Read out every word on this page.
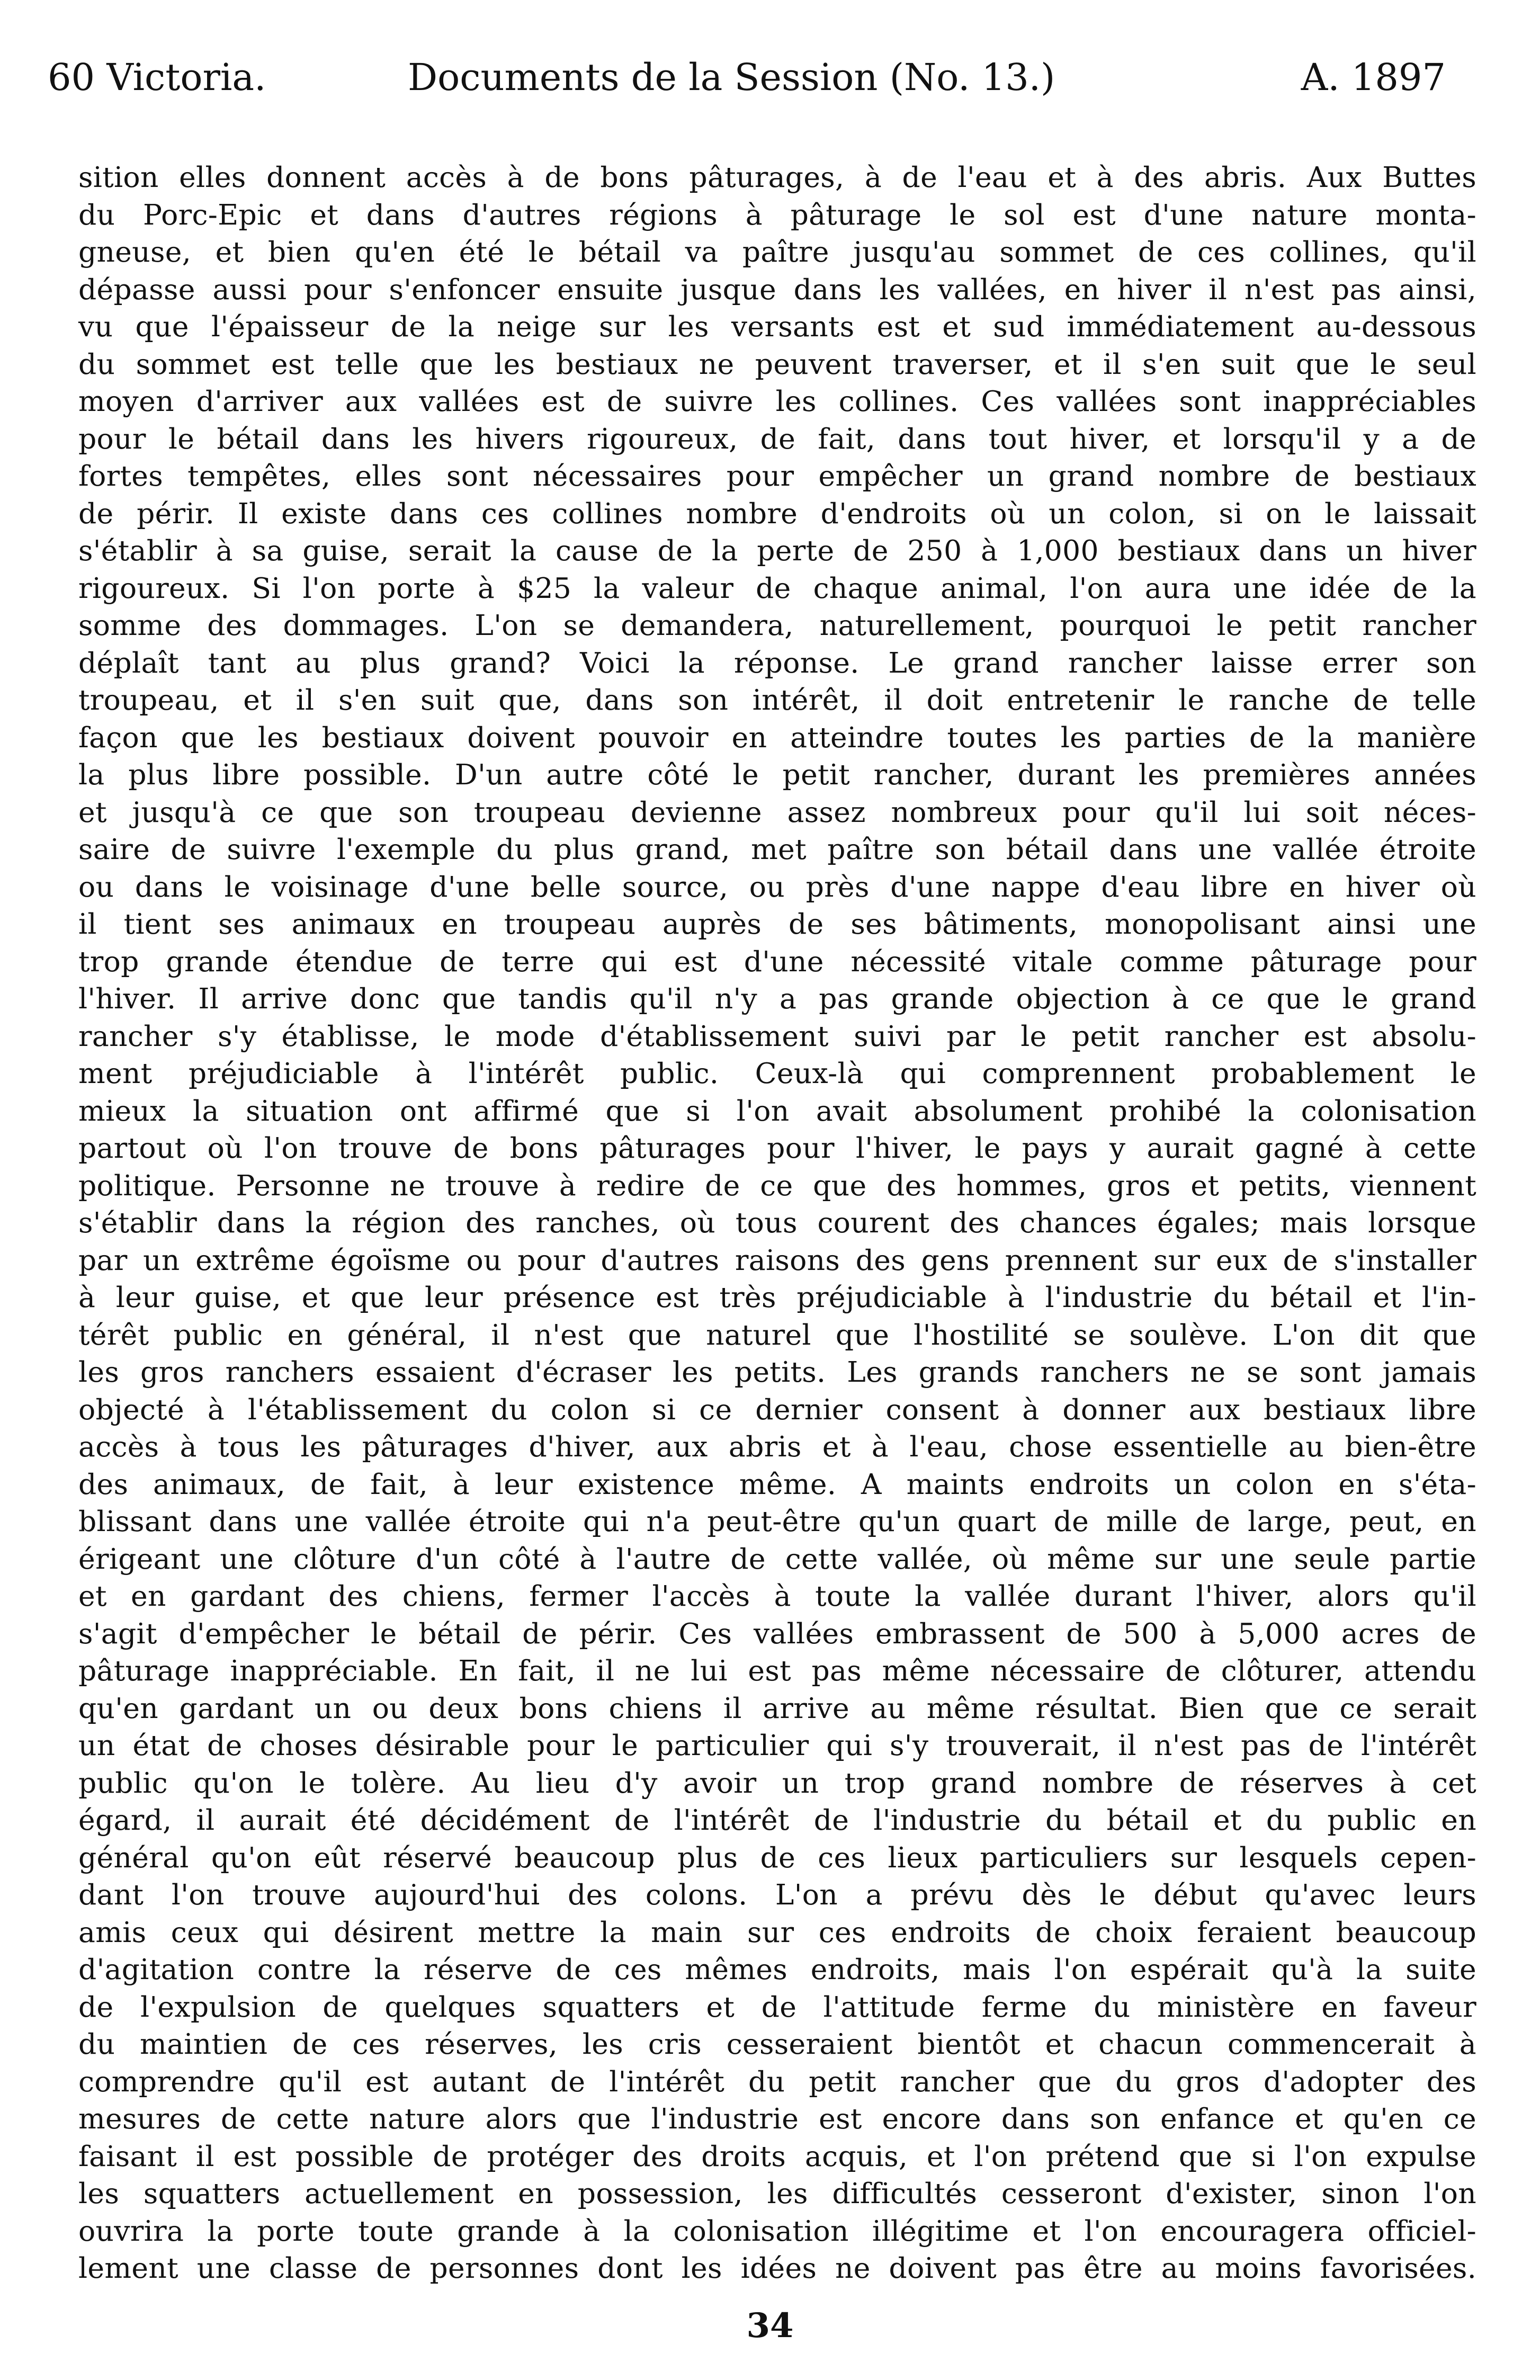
60 Victoria.	Documents de la Session (No. 13.)	A. 1897
sition elles donnent accès à de bons pâturages, à de l'eau et à des abris. Aux Buttes
du Porc-Epic et dans d'autres régions à pâturage le sol est d'une nature monta-
gneuse, et bien qu'en été le bétail va paître jusqu'au sommet de ces collines, qu'il
dépasse aussi pour s'enfoncer ensuite jusque dans les vallées, en hiver il n'est pas ainsi,
vu que l'épaisseur de la neige sur les versants est et sud immédiatement au-dessous
du sommet est telle que les bestiaux ne peuvent traverser, et il s'en suit que le seul
moyen d'arriver aux vallées est de suivre les collines. Ces vallées sont inappréciables
pour le bétail dans les hivers rigoureux, de fait, dans tout hiver, et lorsqu'il y a de
fortes tempêtes, elles sont nécessaires pour empêcher un grand nombre de bestiaux
de périr. Il existe dans ces collines nombre d'endroits où un colon, si on le laissait
s'établir à sa guise, serait la cause de la perte de 250 à 1,000 bestiaux dans un hiver
rigoureux. Si l'on porte à $25 la valeur de chaque animal, l'on aura une idée de la
somme des dommages. L'on se demandera, naturellement, pourquoi le petit rancher
déplaît tant au plus grand? Voici la réponse. Le grand rancher laisse errer son
troupeau, et il s'en suit que, dans son intérêt, il doit entretenir le ranche de telle
façon que les bestiaux doivent pouvoir en atteindre toutes les parties de la manière
la plus libre possible. D'un autre côté le petit rancher, durant les premières années
et jusqu'à ce que son troupeau devienne assez nombreux pour qu'il lui soit néces-
saire de suivre l'exemple du plus grand, met paître son bétail dans une vallée étroite
ou dans le voisinage d'une belle source, ou près d'une nappe d'eau libre en hiver où
il tient ses animaux en troupeau auprès de ses bâtiments, monopolisant ainsi une
trop grande étendue de terre qui est d'une nécessité vitale comme pâturage pour
l'hiver. Il arrive donc que tandis qu'il n'y a pas grande objection à ce que le grand
rancher s'y établisse, le mode d'établissement suivi par le petit rancher est absolu-
ment préjudiciable à l'intérêt public. Ceux-là qui comprennent probablement le
mieux la situation ont affirmé que si l'on avait absolument prohibé la colonisation
partout où l'on trouve de bons pâturages pour l'hiver, le pays y aurait gagné à cette
politique. Personne ne trouve à redire de ce que des hommes, gros et petits, viennent
s'établir dans la région des ranches, où tous courent des chances égales; mais lorsque
par un extrême égoïsme ou pour d'autres raisons des gens prennent sur eux de s'installer
à leur guise, et que leur présence est très préjudiciable à l'industrie du bétail et l'in-
térêt public en général, il n'est que naturel que l'hostilité se soulève. L'on dit que
les gros ranchers essaient d'écraser les petits. Les grands ranchers ne se sont jamais
objecté à l'établissement du colon si ce dernier consent à donner aux bestiaux libre
accès à tous les pâturages d'hiver, aux abris et à l'eau, chose essentielle au bien-être
des animaux, de fait, à leur existence même. A maints endroits un colon en s'éta-
blissant dans une vallée étroite qui n'a peut-être qu'un quart de mille de large, peut, en
érigeant une clôture d'un côté à l'autre de cette vallée, où même sur une seule partie
et en gardant des chiens, fermer l'accès à toute la vallée durant l'hiver, alors qu'il
s'agit d'empêcher le bétail de périr. Ces vallées embrassent de 500 à 5,000 acres de
pâturage inappréciable. En fait, il ne lui est pas même nécessaire de clôturer, attendu
qu'en gardant un ou deux bons chiens il arrive au même résultat. Bien que ce serait
un état de choses désirable pour le particulier qui s'y trouverait, il n'est pas de l'intérêt
public qu'on le tolère. Au lieu d'y avoir un trop grand nombre de réserves à cet
égard, il aurait été décidément de l'intérêt de l'industrie du bétail et du public en
général qu'on eût réservé beaucoup plus de ces lieux particuliers sur lesquels cepen-
dant l'on trouve aujourd'hui des colons. L'on a prévu dès le début qu'avec leurs
amis ceux qui désirent mettre la main sur ces endroits de choix feraient beaucoup
d'agitation contre la réserve de ces mêmes endroits, mais l'on espérait qu'à la suite
de l'expulsion de quelques squatters et de l'attitude ferme du ministère en faveur
du maintien de ces réserves, les cris cesseraient bientôt et chacun commencerait à
comprendre qu'il est autant de l'intérêt du petit rancher que du gros d'adopter des
mesures de cette nature alors que l'industrie est encore dans son enfance et qu'en ce
faisant il est possible de protéger des droits acquis, et l'on prétend que si l'on expulse
les squatters actuellement en possession, les difficultés cesseront d'exister, sinon l'on
ouvrira la porte toute grande à la colonisation illégitime et l'on encouragera officiel-
lement une classe de personnes dont les idées ne doivent pas être au moins favorisées.
34
